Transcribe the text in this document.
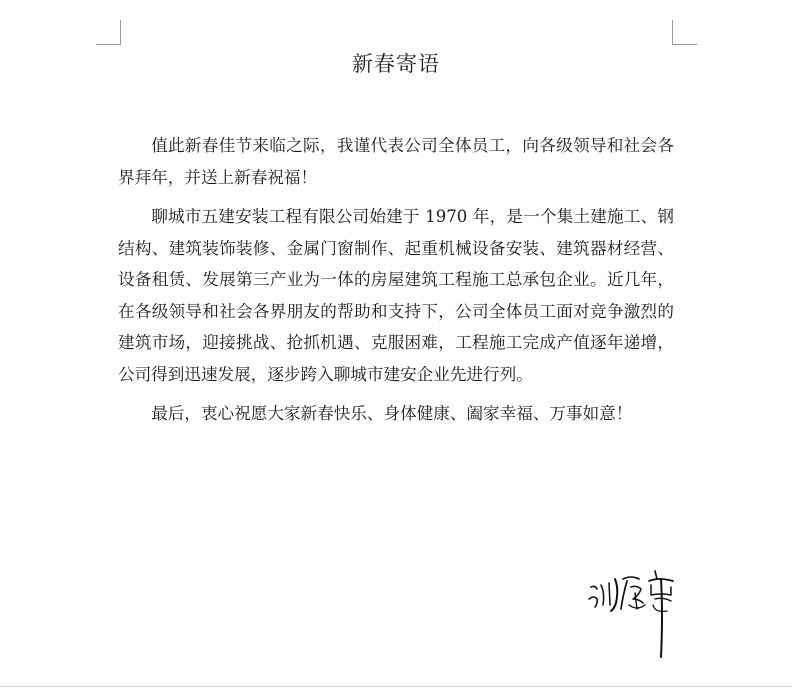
新春寄语

值此新春佳节来临之际，我谨代表公司全体员工，向各级领导和社会各界拜年，并送上新春祝福！

聊城市五建安装工程有限公司始建于 1970 年，是一个集土建施工、钢结构、建筑装饰装修、金属门窗制作、起重机械设备安装、建筑器材经营、设备租赁、发展第三产业为一体的房屋建筑工程施工总承包企业。近几年，在各级领导和社会各界朋友的帮助和支持下，公司全体员工面对竞争激烈的建筑市场，迎接挑战、抢抓机遇、克服困难，工程施工完成产值逐年递增，公司得到迅速发展，逐步跨入聊城市建安企业先进行列。

最后，衷心祝愿大家新春快乐、身体健康、阖家幸福、万事如意！
